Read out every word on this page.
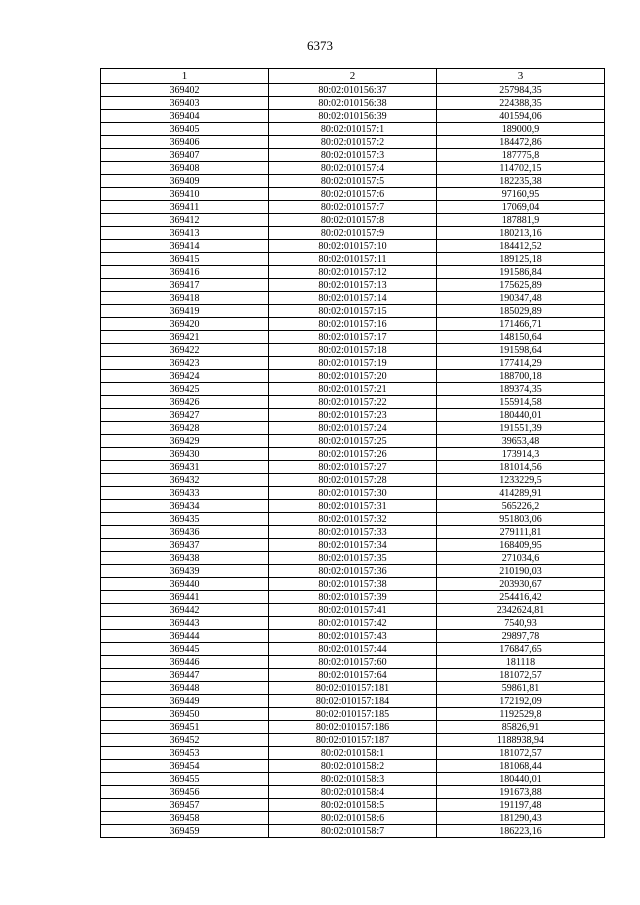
6373
1	2	3
369402	80:02:010156:37	257984,35
369403	80:02:010156:38	224388,35
369404	80:02:010156:39	401594,06
369405	80:02:010157:1	189000,9
369406	80:02:010157:2	184472,86
369407	80:02:010157:3	187775,8
369408	80:02:010157:4	114702,15
369409	80:02:010157:5	182235,38
369410	80:02:010157:6	97160,95
369411	80:02:010157:7	17069,04
369412	80:02:010157:8	187881,9
369413	80:02:010157:9	180213,16
369414	80:02:010157:10	184412,52
369415	80:02:010157:11	189125,18
369416	80:02:010157:12	191586,84
369417	80:02:010157:13	175625,89
369418	80:02:010157:14	190347,48
369419	80:02:010157:15	185029,89
369420	80:02:010157:16	171466,71
369421	80:02:010157:17	148150,64
369422	80:02:010157:18	191598,64
369423	80:02:010157:19	177414,29
369424	80:02:010157:20	188700,18
369425	80:02:010157:21	189374,35
369426	80:02:010157:22	155914,58
369427	80:02:010157:23	180440,01
369428	80:02:010157:24	191551,39
369429	80:02:010157:25	39653,48
369430	80:02:010157:26	173914,3
369431	80:02:010157:27	181014,56
369432	80:02:010157:28	1233229,5
369433	80:02:010157:30	414289,91
369434	80:02:010157:31	565226,2
369435	80:02:010157:32	951803,06
369436	80:02:010157:33	279111,81
369437	80:02:010157:34	168409,95
369438	80:02:010157:35	271034,6
369439	80:02:010157:36	210190,03
369440	80:02:010157:38	203930,67
369441	80:02:010157:39	254416,42
369442	80:02:010157:41	2342624,81
369443	80:02:010157:42	7540,93
369444	80:02:010157:43	29897,78
369445	80:02:010157:44	176847,65
369446	80:02:010157:60	181118
369447	80:02:010157:64	181072,57
369448	80:02:010157:181	59861,81
369449	80:02:010157:184	172192,09
369450	80:02:010157:185	1192529,8
369451	80:02:010157:186	85826,91
369452	80:02:010157:187	1188938,94
369453	80:02:010158:1	181072,57
369454	80:02:010158:2	181068,44
369455	80:02:010158:3	180440,01
369456	80:02:010158:4	191673,88
369457	80:02:010158:5	191197,48
369458	80:02:010158:6	181290,43
369459	80:02:010158:7	186223,16
